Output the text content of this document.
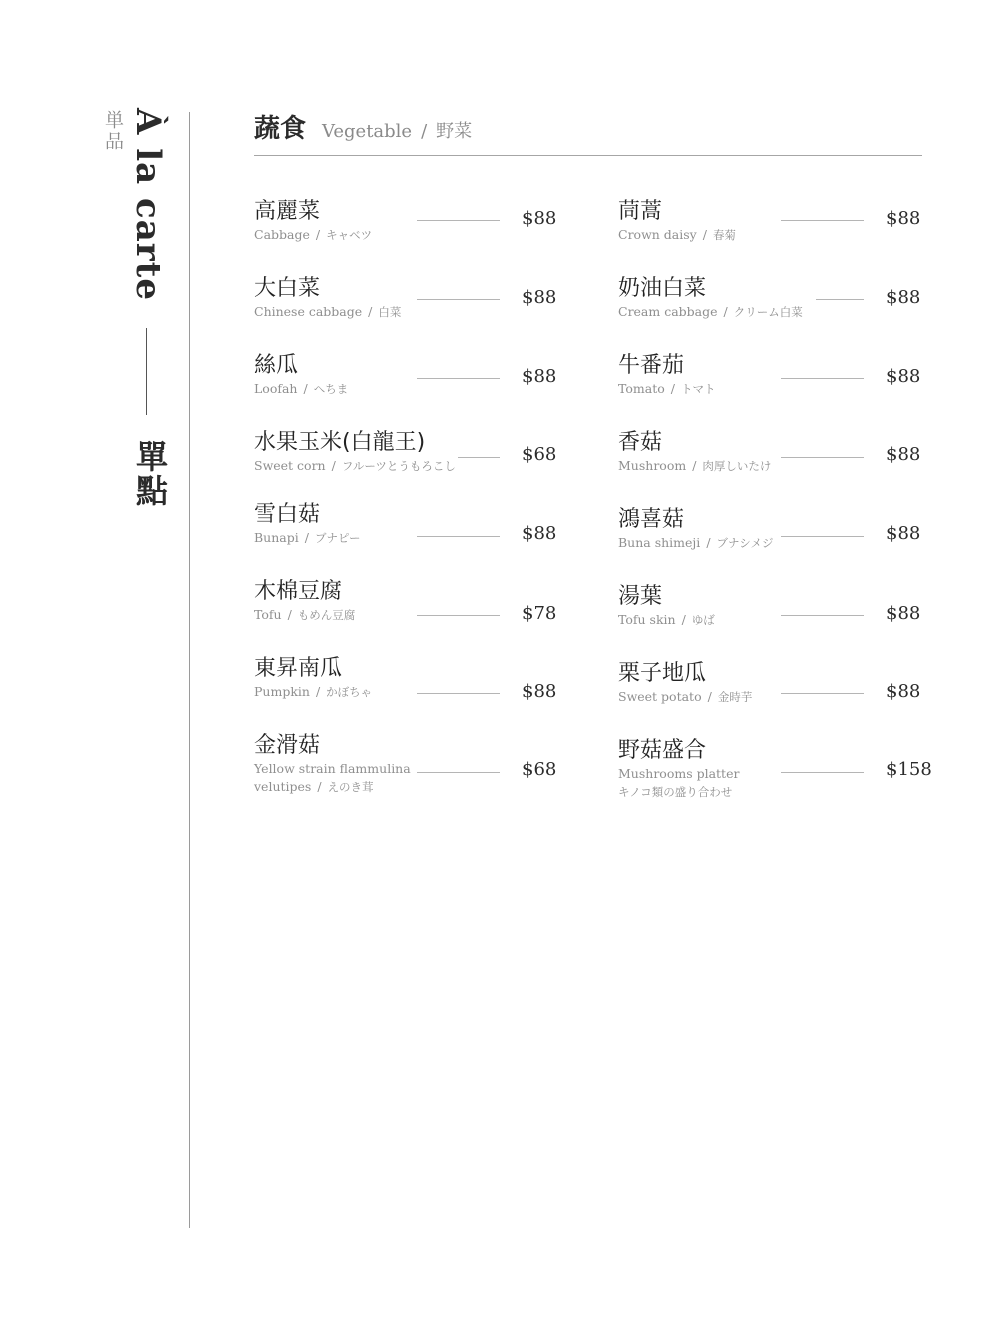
単品 À la carte
單點
蔬食 Vegetable / 野菜
高麗菜
Cabbage / キャベツ
$88
大白菜
Chinese cabbage / 白菜
$88
絲瓜
Loofah / へちま
$88
水果玉米(白龍王)
Sweet corn / フルーツとうもろこし
$68
雪白菇
Bunapi / ブナピー	$88
木棉豆腐
Tofu / もめん豆腐	$78
東昇南瓜
Pumpkin / かぼちゃ	$88
金滑菇
Yellow strain flammulina
velutipes / えのき茸
$68
茼蒿
Crown daisy / 春菊
$88
奶油白菜
Cream cabbage / クリーム白菜
$88
牛番茄
Tomato / トマト
$88
香菇
Mushroom / 肉厚しいたけ
$88
鴻喜菇
Buna shimeji / ブナシメジ	$88
湯葉
Tofu skin / ゆば	$88
栗子地瓜
Sweet potato / 金時芋	$88
野菇盛合
Mushrooms platter
キノコ類の盛り合わせ
$158
